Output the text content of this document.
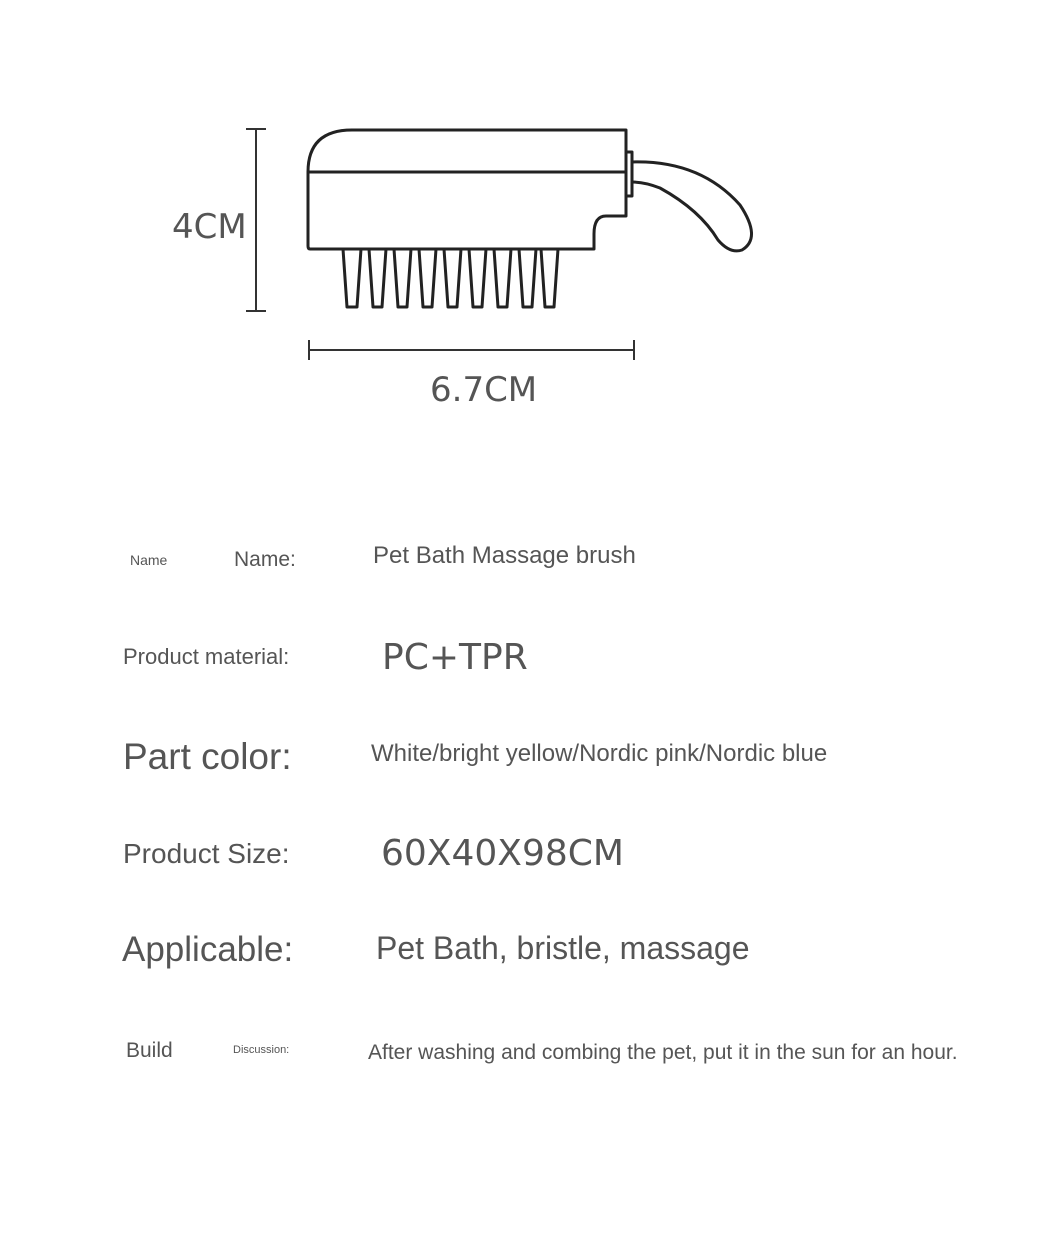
4CM
6.7CM
Name	Name:	Pet Bath Massage brush
Product material:	PC+TPR
Part color:	White/bright yellow/Nordic pink/Nordic blue
Product Size:	60X40X98CM
Applicable:	Pet Bath, bristle, massage
Build	Discussion:	After washing and combing the pet, put it in the sun for an hour.
